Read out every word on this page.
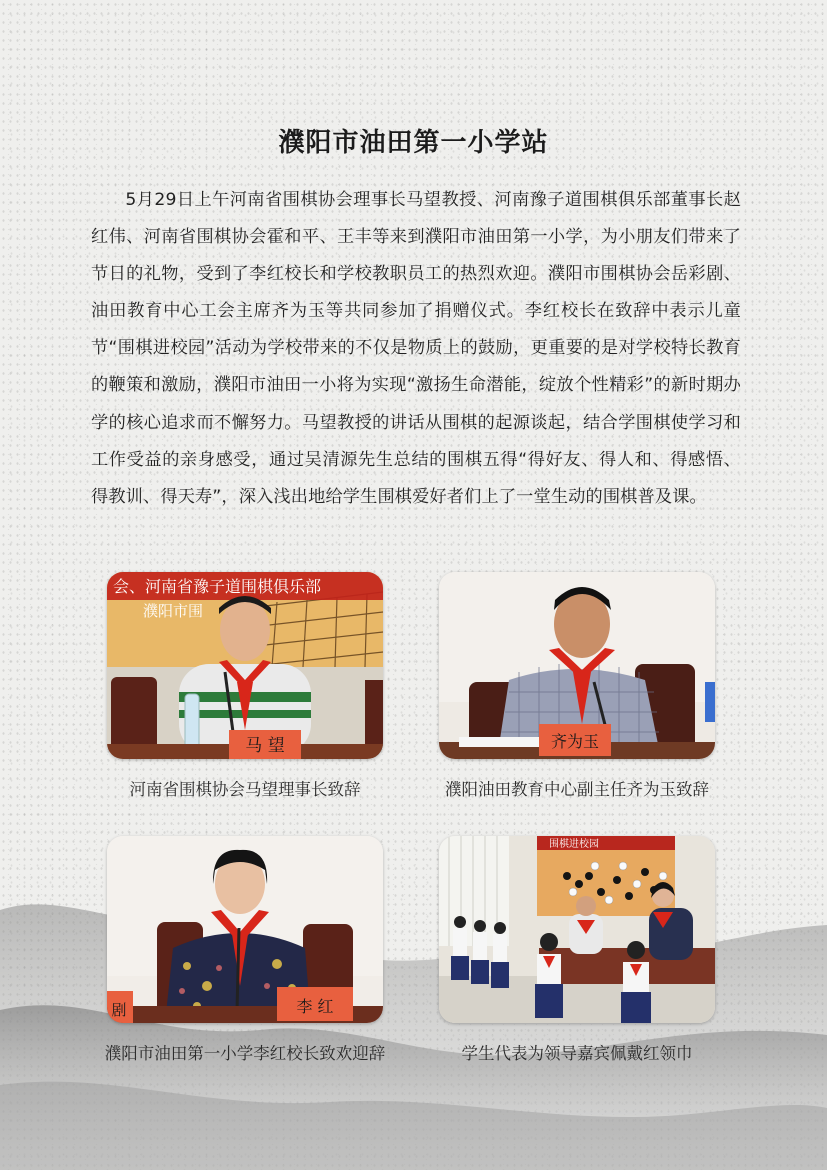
濮阳市油田第一小学站

5月29日上午河南省围棋协会理事长马望教授、河南豫子道围棋俱乐部董事长赵红伟、河南省围棋协会霍和平、王丰等来到濮阳市油田第一小学，为小朋友们带来了节日的礼物，受到了李红校长和学校教职员工的热烈欢迎。濮阳市围棋协会岳彩剧、油田教育中心工会主席齐为玉等共同参加了捐赠仪式。李红校长在致辞中表示儿童节“围棋进校园”活动为学校带来的不仅是物质上的鼓励，更重要的是对学校特长教育的鞭策和激励，濮阳市油田一小将为实现“激扬生命潜能，绽放个性精彩”的新时期办学的核心追求而不懈努力。马望教授的讲话从围棋的起源谈起，结合学围棋使学习和工作受益的亲身感受，通过吴清源先生总结的围棋五得“得好友、得人和、得感悟、得教训、得天寿”，深入浅出地给学生围棋爱好者们上了一堂生动的围棋普及课。

会、河南省豫子道围棋俱乐部
濮阳市围
马 望
河南省围棋协会马望理事长致辞
齐为玉
濮阳油田教育中心副主任齐为玉致辞
剧	李 红
濮阳市油田第一小学李红校长致欢迎辞
围棋进校园
学生代表为领导嘉宾佩戴红领巾
